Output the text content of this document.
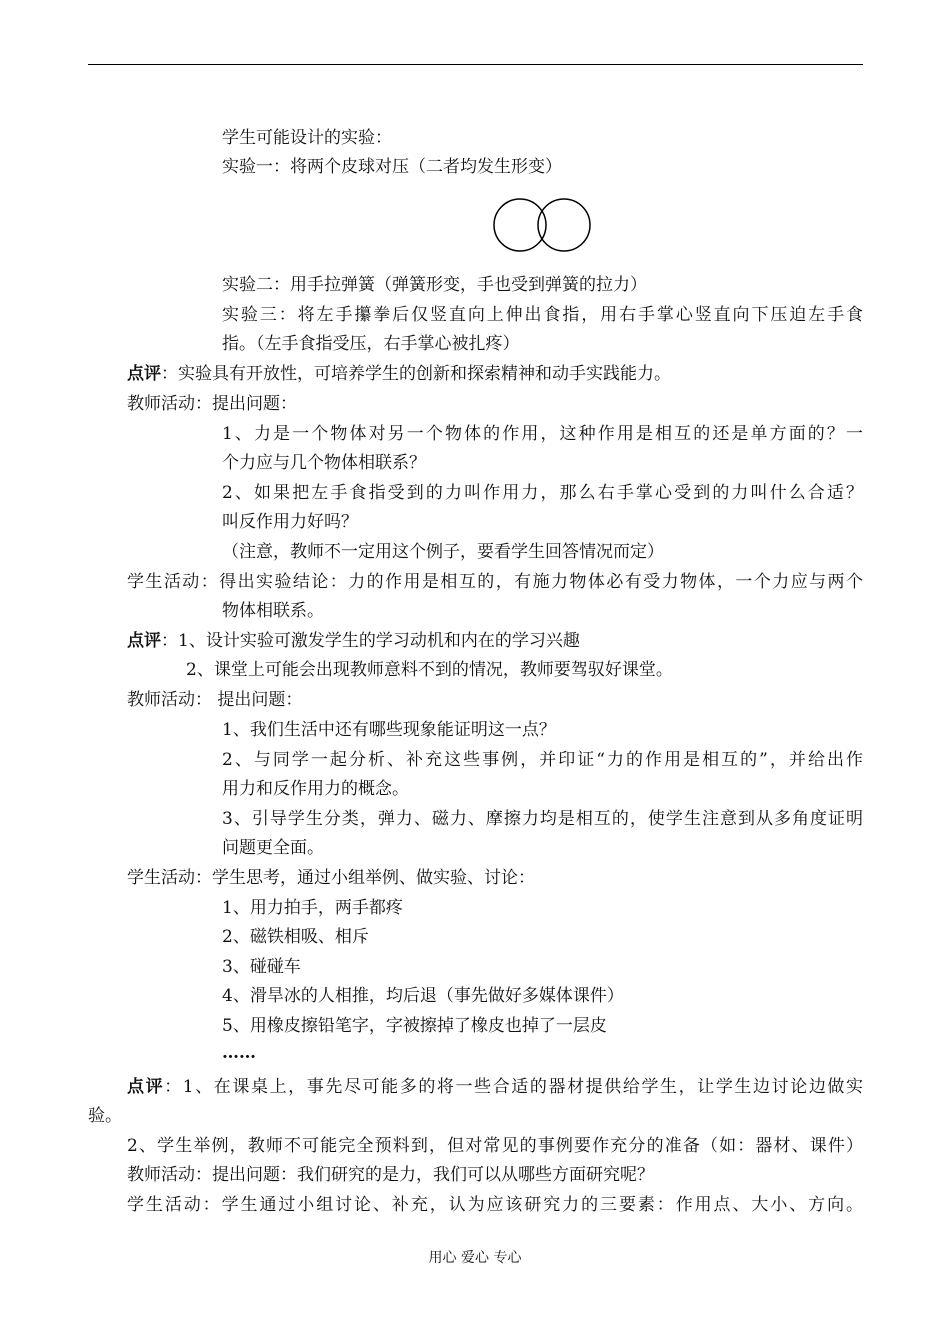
学生可能设计的实验：
实验一：将两个皮球对压（二者均发生形变）
实验二：用手拉弹簧（弹簧形变，手也受到弹簧的拉力）
实验三：将左手攥拳后仅竖直向上伸出食指，用右手掌心竖直向下压迫左手食
指。（左手食指受压，右手掌心被扎疼）
点评：实验具有开放性，可培养学生的创新和探索精神和动手实践能力。
教师活动：提出问题：
1、力是一个物体对另一个物体的作用，这种作用是相互的还是单方面的？一
个力应与几个物体相联系？
2、如果把左手食指受到的力叫作用力，那么右手掌心受到的力叫什么合适？
叫反作用力好吗？
（注意，教师不一定用这个例子，要看学生回答情况而定）
学生活动：得出实验结论：力的作用是相互的，有施力物体必有受力物体，一个力应与两个
物体相联系。
点评：1、设计实验可激发学生的学习动机和内在的学习兴趣
2、课堂上可能会出现教师意料不到的情况，教师要驾驭好课堂。
教师活动： 提出问题：
1、我们生活中还有哪些现象能证明这一点？
2、与同学一起分析、补充这些事例，并印证“力的作用是相互的”，并给出作
用力和反作用力的概念。
3、引导学生分类，弹力、磁力、摩擦力均是相互的，使学生注意到从多角度证明
问题更全面。
学生活动：学生思考，通过小组举例、做实验、讨论：
1、用力拍手，两手都疼
2、磁铁相吸、相斥
3、碰碰车
4、滑旱冰的人相推，均后退（事先做好多媒体课件）
5、用橡皮擦铅笔字，字被擦掉了橡皮也掉了一层皮
……
点评：1、在课桌上，事先尽可能多的将一些合适的器材提供给学生，让学生边讨论边做实
验。
2、学生举例，教师不可能完全预料到，但对常见的事例要作充分的准备（如：器材、课件）
教师活动：提出问题：我们研究的是力，我们可以从哪些方面研究呢？
学生活动：学生通过小组讨论、补充，认为应该研究力的三要素：作用点、大小、方向。
用心 爱心 专心
